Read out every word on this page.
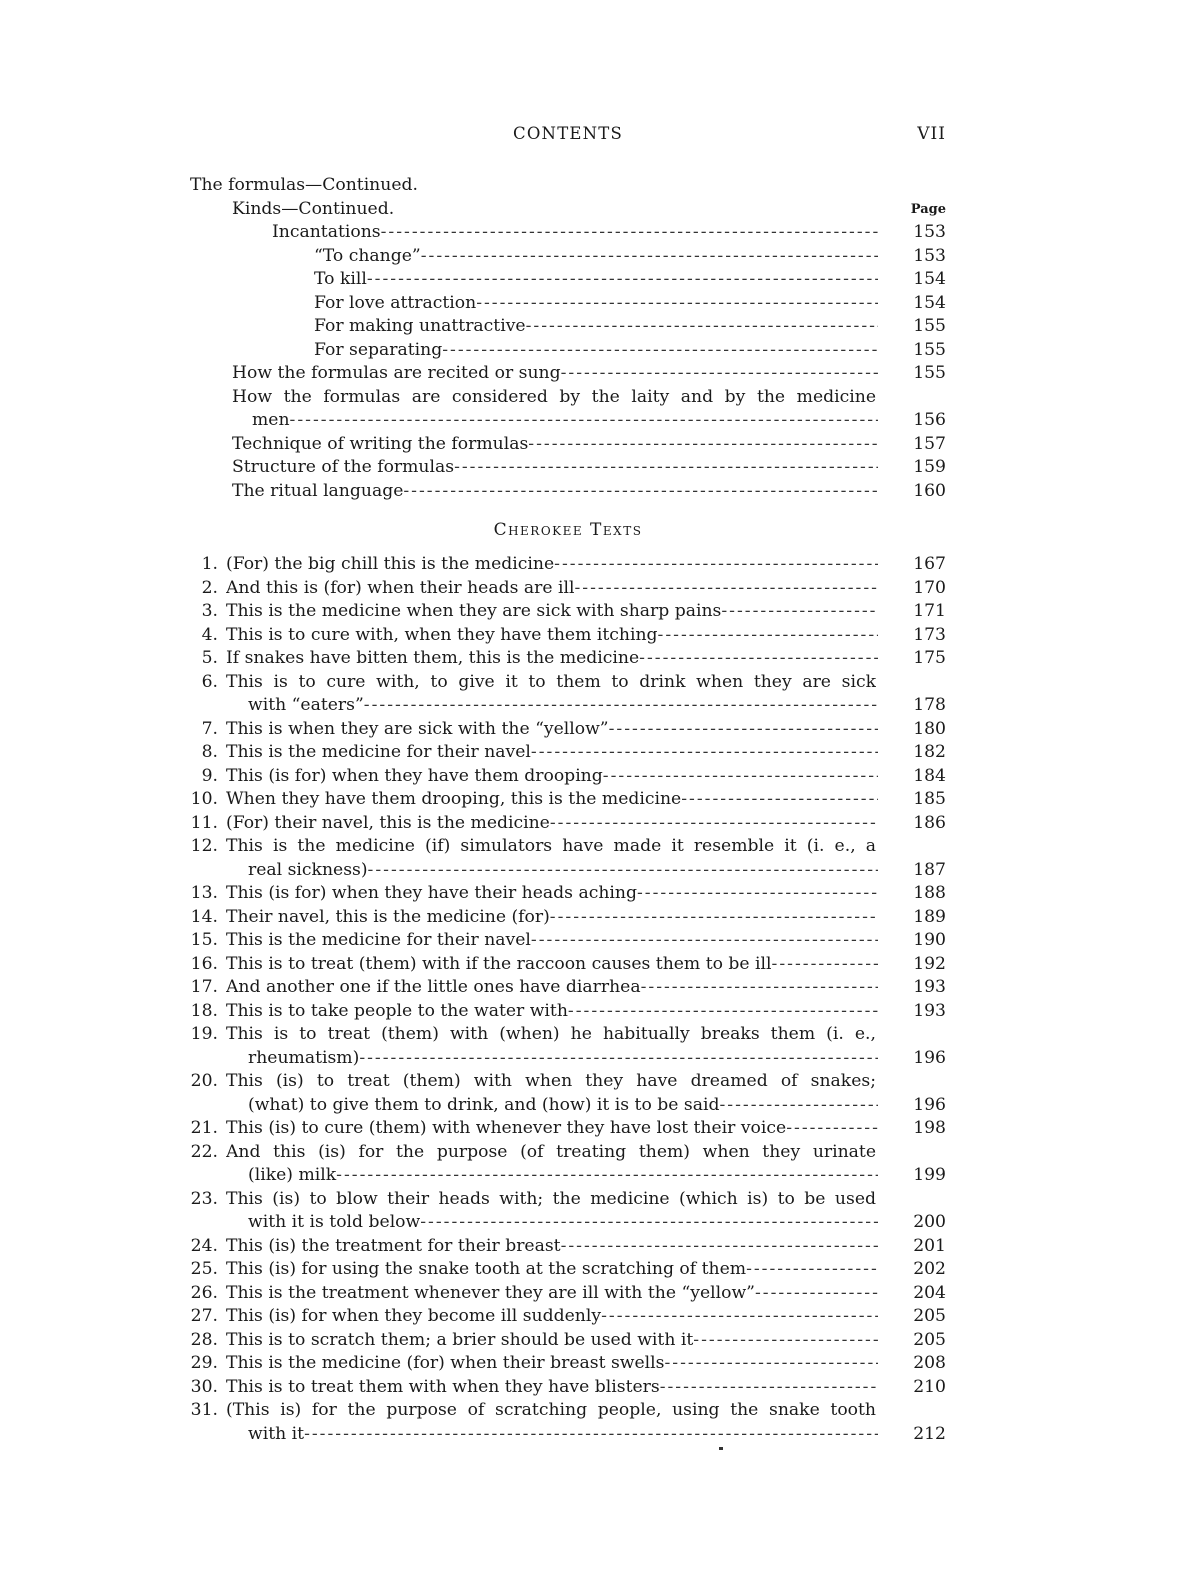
CONTENTS	VII
The formulas—Continued.
Kinds—Continued.	Page
Incantations -----	153
“To change” -----	153
To kill -----	154
For love attraction -----	154
For making unattractive -----	155
For separating -----	155
How the formulas are recited or sung -----	155
How the formulas are considered by the laity and by the medicine
men -----	156
Technique of writing the formulas -----	157
Structure of the formulas -----	159
The ritual language -----	160
Cherokee Texts
1. (For) the big chill this is the medicine -----	167
2. And this is (for) when their heads are ill -----	170
3. This is the medicine when they are sick with sharp pains -----	171
4. This is to cure with, when they have them itching -----	173
5. If snakes have bitten them, this is the medicine -----	175
6. This is to cure with, to give it to them to drink when they are sick
with “eaters” -----	178
7. This is when they are sick with the “yellow” -----	180
8. This is the medicine for their navel -----	182
9. This (is for) when they have them drooping -----	184
10. When they have them drooping, this is the medicine -----	185
11. (For) their navel, this is the medicine -----	186
12. This is the medicine (if) simulators have made it resemble it (i. e., a
real sickness) -----	187
13. This (is for) when they have their heads aching -----	188
14. Their navel, this is the medicine (for) -----	189
15. This is the medicine for their navel -----	190
16. This is to treat (them) with if the raccoon causes them to be ill -----	192
17. And another one if the little ones have diarrhea -----	193
18. This is to take people to the water with -----	193
19. This is to treat (them) with (when) he habitually breaks them (i. e.,
rheumatism) -----	196
20. This (is) to treat (them) with when they have dreamed of snakes;
(what) to give them to drink, and (how) it is to be said -----	196
21. This (is) to cure (them) with whenever they have lost their voice -----	198
22. And this (is) for the purpose (of treating them) when they urinate
(like) milk -----	199
23. This (is) to blow their heads with; the medicine (which is) to be used
with it is told below -----	200
24. This (is) the treatment for their breast -----	201
25. This (is) for using the snake tooth at the scratching of them -----	202
26. This is the treatment whenever they are ill with the “yellow” -----	204
27. This (is) for when they become ill suddenly -----	205
28. This is to scratch them; a brier should be used with it -----	205
29. This is the medicine (for) when their breast swells -----	208
30. This is to treat them with when they have blisters -----	210
31. (This is) for the purpose of scratching people, using the snake tooth
with it -----	212
